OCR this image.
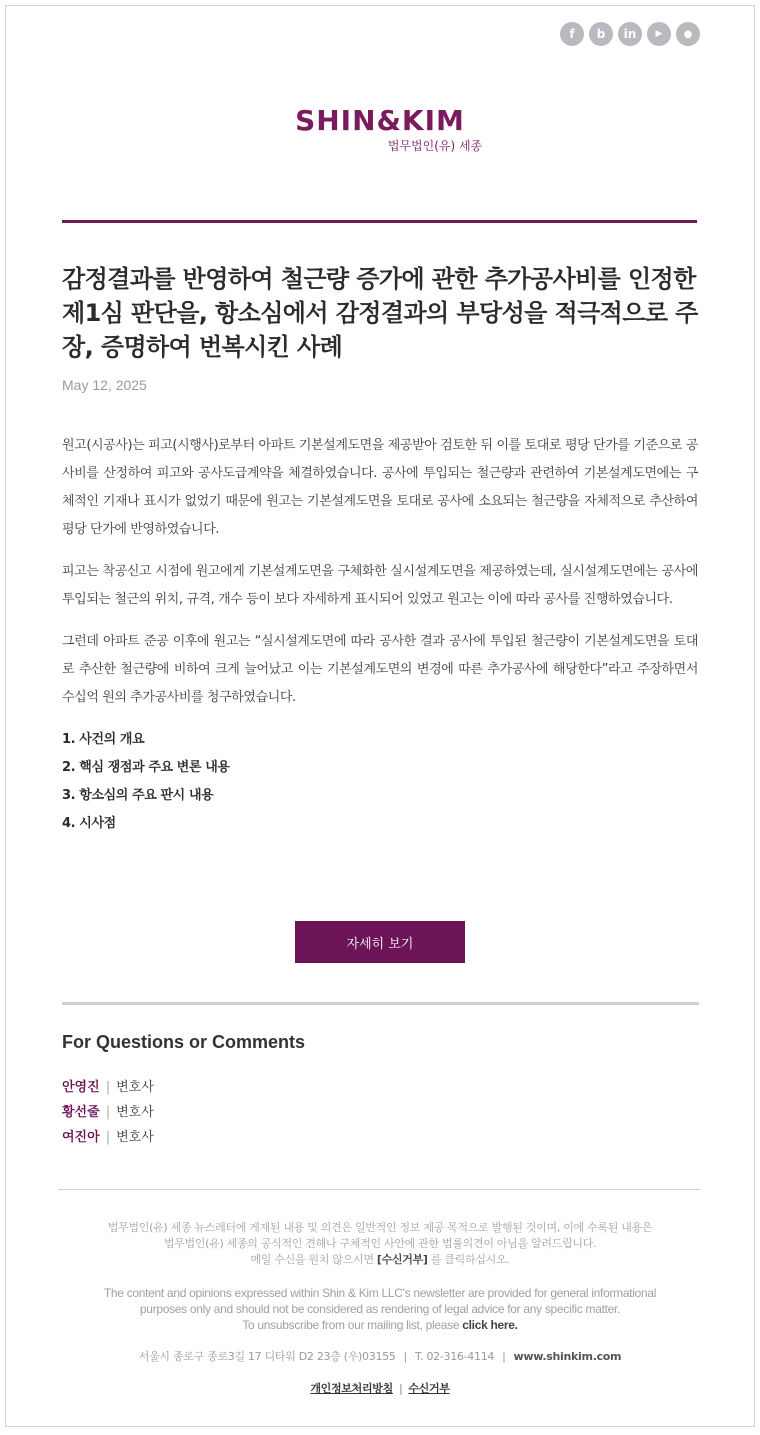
f	b	in	▶	●
SHIN&KIM
법무법인(유) 세종
감정결과를 반영하여 철근량 증가에 관한 추가공사비를 인정한 제1심 판단을, 항소심에서 감정결과의 부당성을 적극적으로 주장, 증명하여 번복시킨 사례
May 12, 2025

원고(시공사)는 피고(시행사)로부터 아파트 기본설계도면을 제공받아 검토한 뒤 이를 토대로 평당 단가를 기준으로 공사비를 산정하여 피고와 공사도급계약을 체결하였습니다. 공사에 투입되는 철근량과 관련하여 기본설계도면에는 구체적인 기재나 표시가 없었기 때문에 원고는 기본설계도면을 토대로 공사에 소요되는 철근량을 자체적으로 추산하여 평당 단가에 반영하였습니다.

피고는 착공신고 시점에 원고에게 기본설계도면을 구체화한 실시설계도면을 제공하였는데, 실시설계도면에는 공사에 투입되는 철근의 위치, 규격, 개수 등이 보다 자세하게 표시되어 있었고 원고는 이에 따라 공사를 진행하였습니다.

그런데 아파트 준공 이후에 원고는 “실시설계도면에 따라 공사한 결과 공사에 투입된 철근량이 기본설계도면을 토대로 추산한 철근량에 비하여 크게 늘어났고 이는 기본설계도면의 변경에 따른 추가공사에 해당한다”라고 주장하면서 수십억 원의 추가공사비를 청구하였습니다.

1. 사건의 개요
2. 핵심 쟁점과 주요 변론 내용
3. 항소심의 주요 판시 내용
4. 시사점
자세히 보기
For Questions or Comments
안영진 | 변호사
황선줄 | 변호사
여진아 | 변호사
법무법인(유) 세종 뉴스레터에 게재된 내용 및 의견은 일반적인 정보 제공 목적으로 발행된 것이며, 이에 수록된 내용은
법무법인(유) 세종의 공식적인 견해나 구체적인 사안에 관한 법률의견이 아님을 알려드립니다.
메일 수신을 원치 않으시면 [수신거부] 를 클릭하십시오.
The content and opinions expressed within Shin & Kim LLC's newsletter are provided for general informational
purposes only and should not be considered as rendering of legal advice for any specific matter.
To unsubscribe from our mailing list, please click here.
서울시 종로구 종로3길 17 디타워 D2 23층 (우)03155 | T. 02-316-4114 | www.shinkim.com
개인정보처리방침 | 수신거부
